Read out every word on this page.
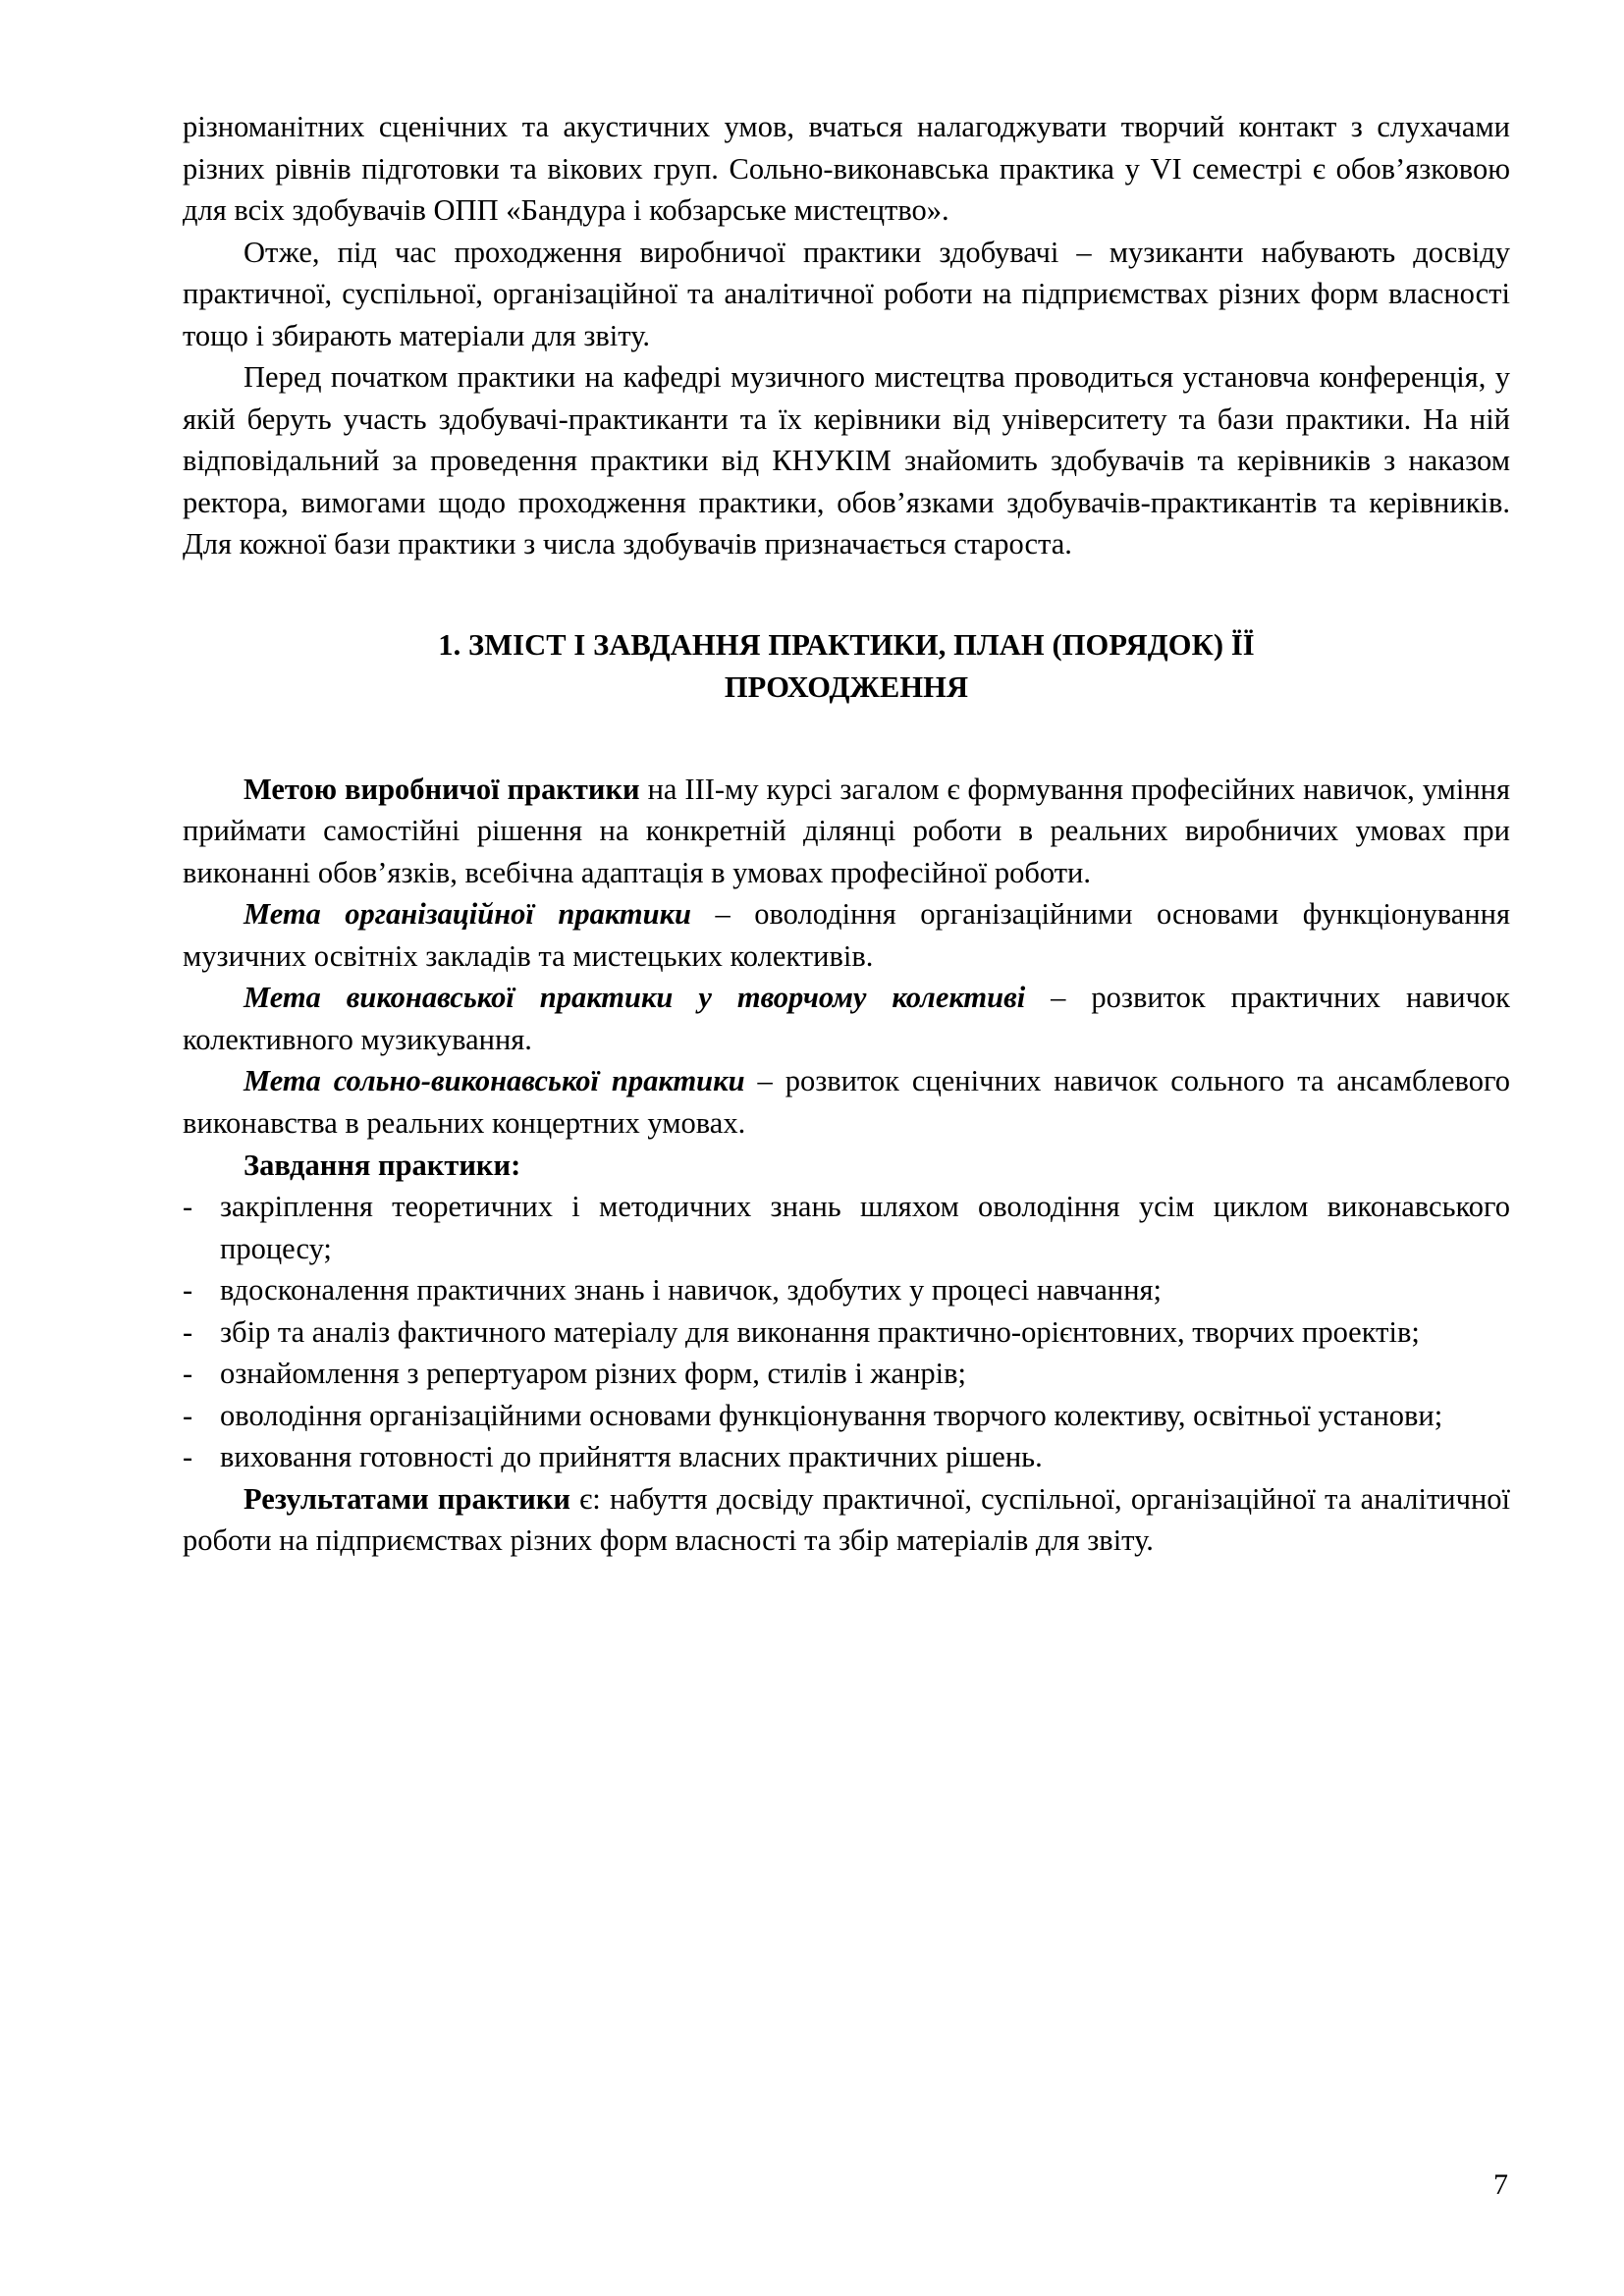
різноманітних сценічних та акустичних умов, вчаться налагоджувати творчий контакт з слухачами різних рівнів підготовки та вікових груп. Сольно-виконавська практика у VI семестрі є обов’язковою для всіх здобувачів ОПП «Бандура і кобзарське мистецтво».

Отже, під час проходження виробничої практики здобувачі – музиканти набувають досвіду практичної, суспільної, організаційної та аналітичної роботи на підприємствах різних форм власності тощо і збирають матеріали для звіту.

Перед початком практики на кафедрі музичного мистецтва проводиться установча конференція, у якій беруть участь здобувачі-практиканти та їх керівники від університету та бази практики. На ній відповідальний за проведення практики від КНУКІМ знайомить здобувачів та керівників з наказом ректора, вимогами щодо проходження практики, обов’язками здобувачів-практикантів та керівників. Для кожної бази практики з числа здобувачів призначається староста.

1. ЗМІСТ І ЗАВДАННЯ ПРАКТИКИ, ПЛАН (ПОРЯДОК) ЇЇ
ПРОХОДЖЕННЯ

Метою виробничої практики на ІІІ-му курсі загалом є формування професійних навичок, уміння приймати самостійні рішення на конкретній ділянці роботи в реальних виробничих умовах при виконанні обов’язків, всебічна адаптація в умовах професійної роботи.

Мета організаційної практики – оволодіння організаційними основами функціонування музичних освітніх закладів та мистецьких колективів.

Мета виконавської практики у творчому колективі – розвиток практичних навичок колективного музикування.

Мета сольно-виконавської практики – розвиток сценічних навичок сольного та ансамблевого виконавства в реальних концертних умовах.

Завдання практики:

- закріплення теоретичних і методичних знань шляхом оволодіння усім циклом виконавського процесу;
- вдосконалення практичних знань і навичок, здобутих у процесі навчання;
- збір та аналіз фактичного матеріалу для виконання практично-орієнтовних, творчих проектів;
- ознайомлення з репертуаром різних форм, стилів і жанрів;
- оволодіння організаційними основами функціонування творчого колективу, освітньої установи;
- виховання готовності до прийняття власних практичних рішень.

Результатами практики є: набуття досвіду практичної, суспільної, організаційної та аналітичної роботи на підприємствах різних форм власності та збір матеріалів для звіту.

7
